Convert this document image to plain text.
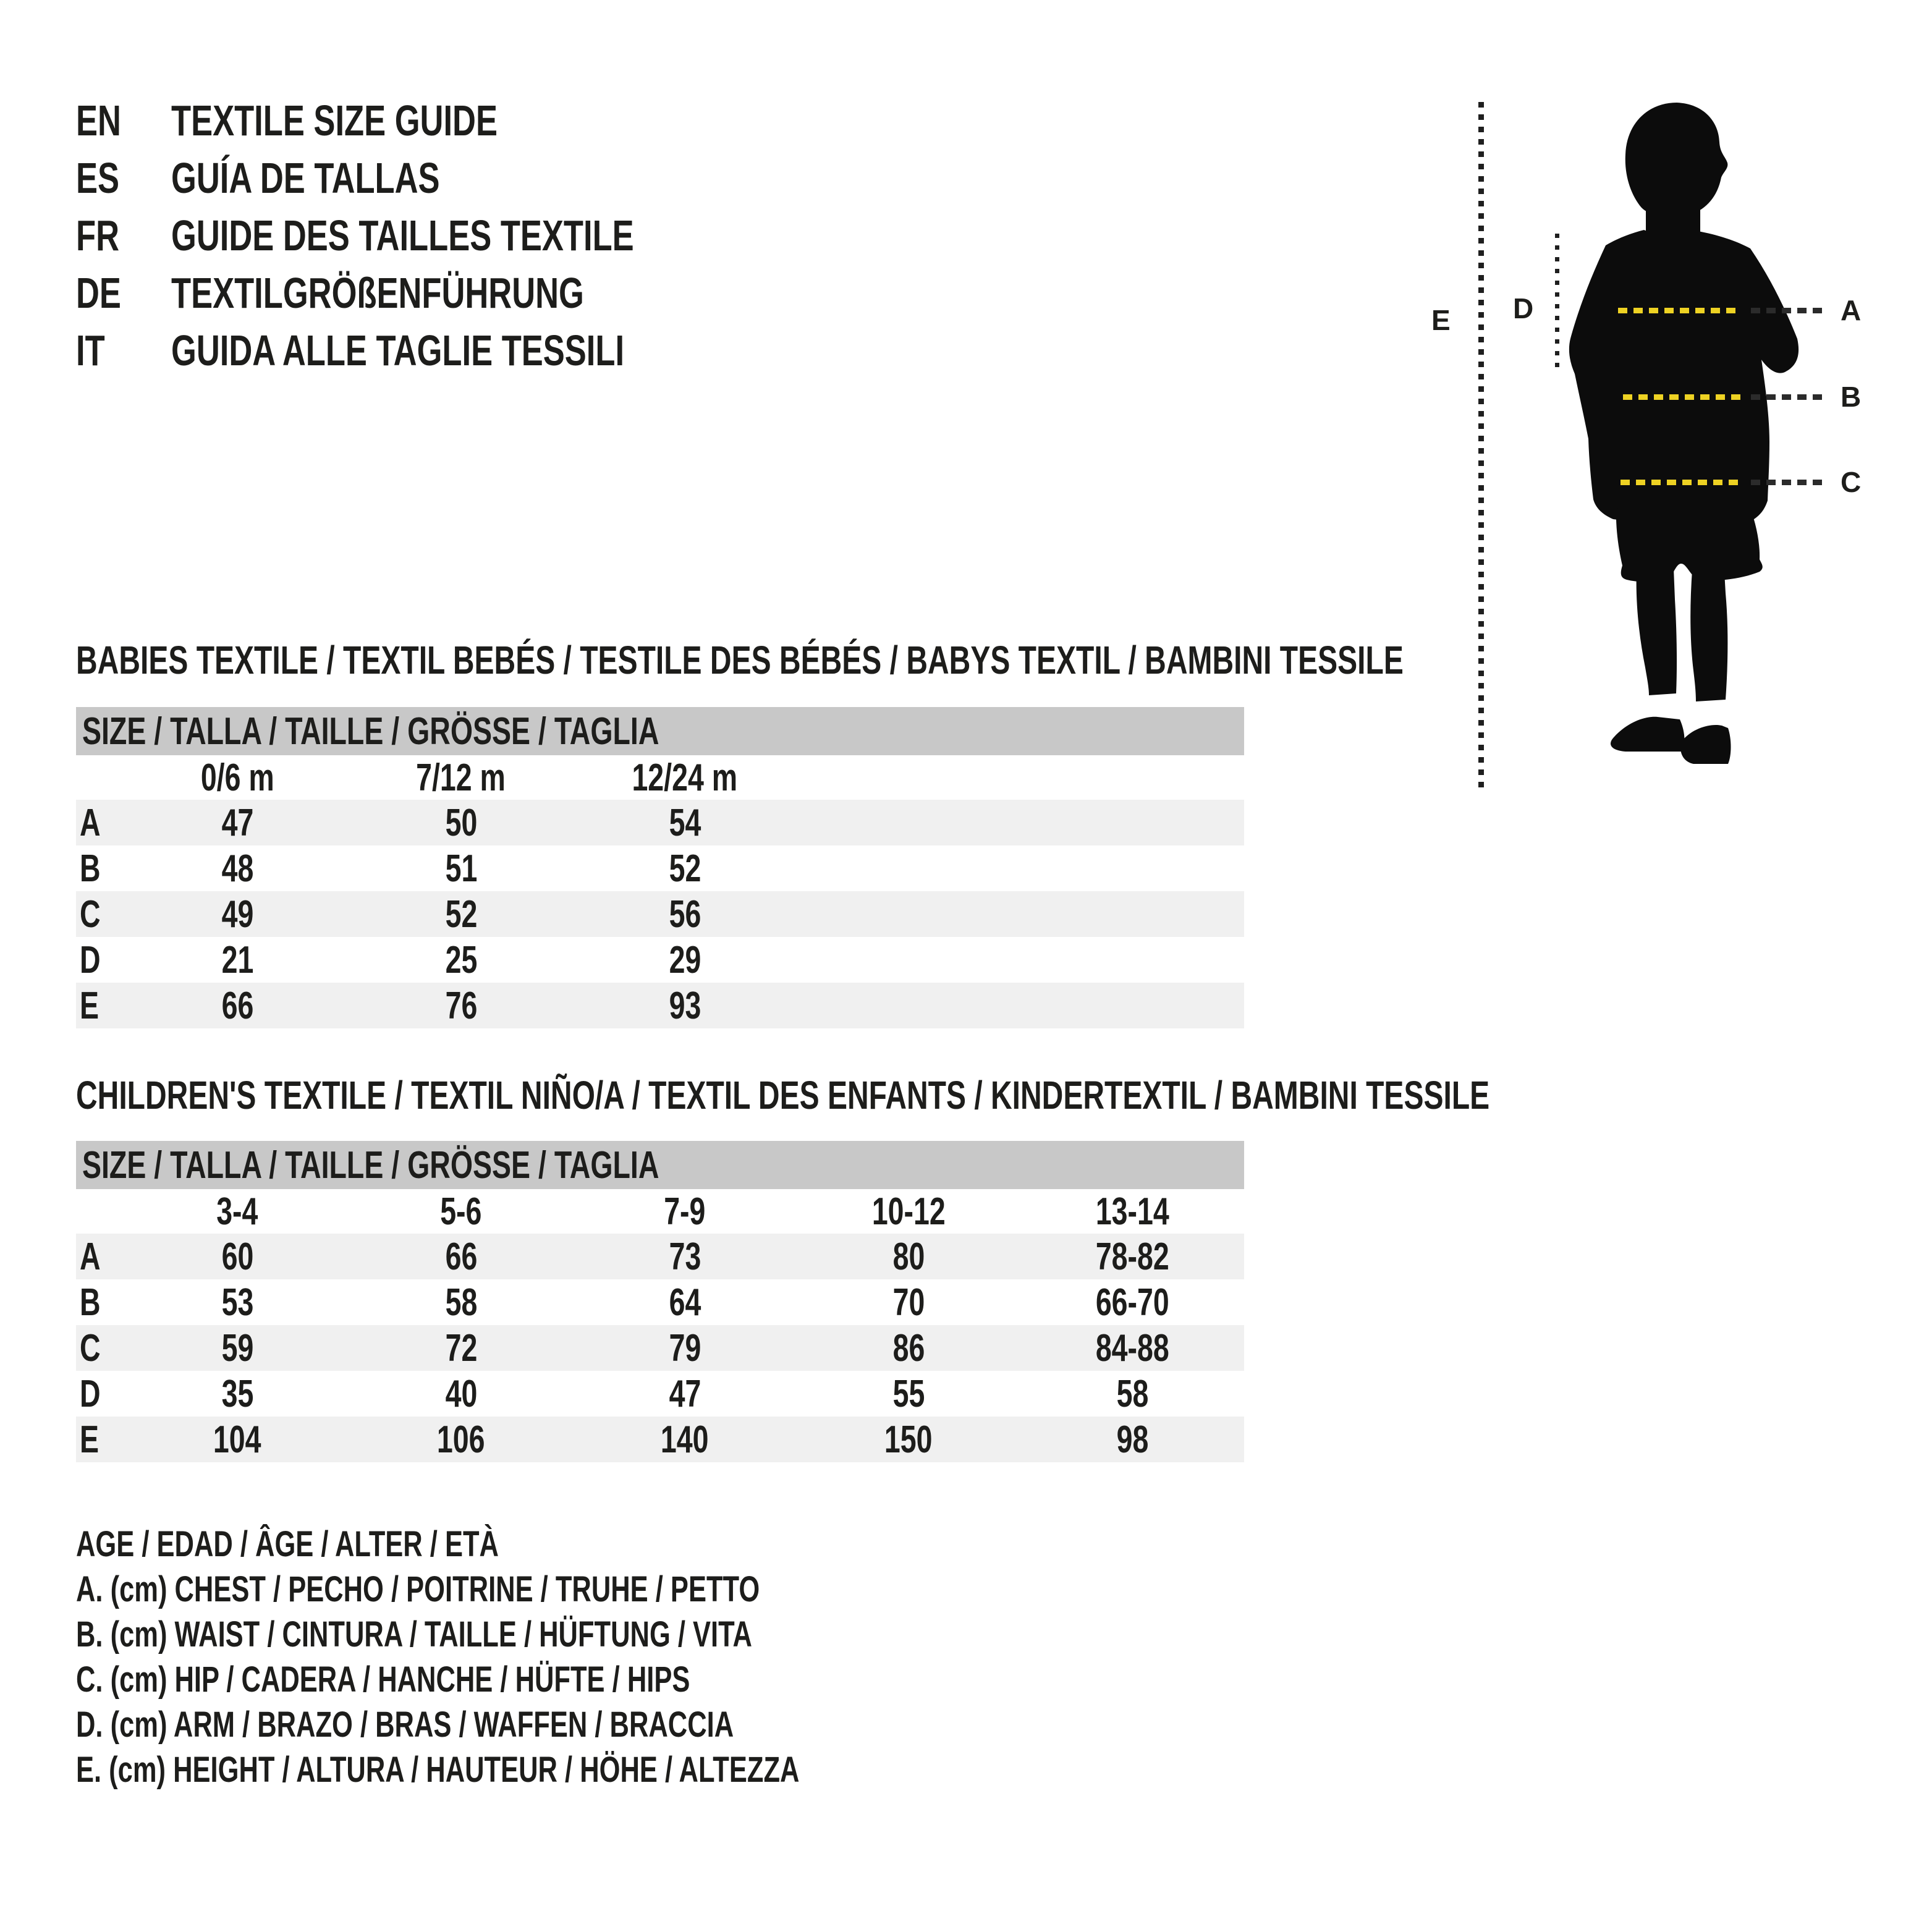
EN	TEXTILE SIZE GUIDE
ES	GUÍA DE TALLAS
FR	GUIDE DES TAILLES TEXTILE
DE	TEXTILGRÖßENFÜHRUNG
IT	GUIDA ALLE TAGLIE TESSILI
E D	A
B
C
BABIES TEXTILE / TEXTIL BEBÉS / TESTILE DES BÉBÉS / BABYS TEXTIL / BAMBINI TESSILE
SIZE / TALLA / TAILLE / GRÖSSE / TAGLIA
0/6 m	7/12 m	12/24 m
A	47	50	54
B	48	51	52
C	49	52	56
D	21	25	29
E	66	76	93
CHILDREN'S TEXTILE / TEXTIL NIÑO/A / TEXTIL DES ENFANTS / KINDERTEXTIL / BAMBINI TESSILE
SIZE / TALLA / TAILLE / GRÖSSE / TAGLIA
3-4	5-6	7-9	10-12	13-14
A	60	66	73	80	78-82
B	53	58	64	70	66-70
C	59	72	79	86	84-88
D	35	40	47	55	58
E	104	106	140	150	98
AGE / EDAD / ÂGE / ALTER / ETÀ
A. (cm) CHEST / PECHO / POITRINE / TRUHE / PETTO
B. (cm) WAIST / CINTURA / TAILLE / HÜFTUNG / VITA
C. (cm) HIP / CADERA / HANCHE / HÜFTE / HIPS
D. (cm) ARM / BRAZO / BRAS / WAFFEN / BRACCIA
E. (cm) HEIGHT / ALTURA / HAUTEUR / HÖHE / ALTEZZA
